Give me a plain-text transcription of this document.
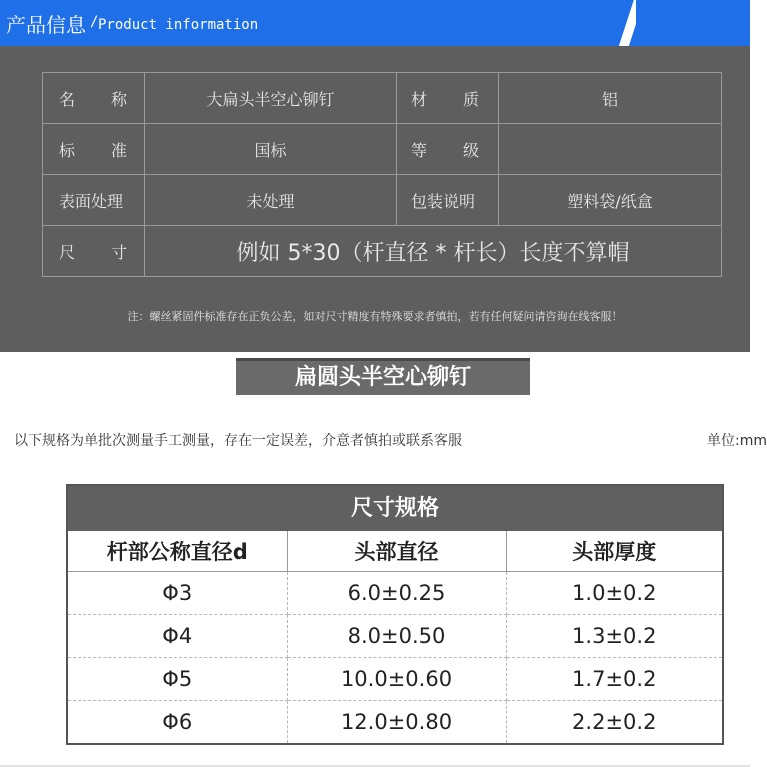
产品信息 / Product information
名 称	大扁头半空心铆钉	材 质	铝

标 准	国标	等 级	

表面处理	未处理	包装说明	塑料袋/纸盒

尺 寸	例如 5*30（杆直径 * 杆长）长度不算帽		
注：螺丝紧固件标准存在正负公差，如对尺寸精度有特殊要求者慎拍，若有任何疑问请咨询在线客服！
扁圆头半空心铆钉
以下规格为单批次测量手工测量，存在一定误差，介意者慎拍或联系客服	单位:mm
尺寸规格
杆部公称直径d	头部直径	头部厚度
Φ3	6.0±0.25	1.0±0.2
Φ4	8.0±0.50	1.3±0.2
Φ5	10.0±0.60	1.7±0.2
Φ6	12.0±0.80	2.2±0.2
